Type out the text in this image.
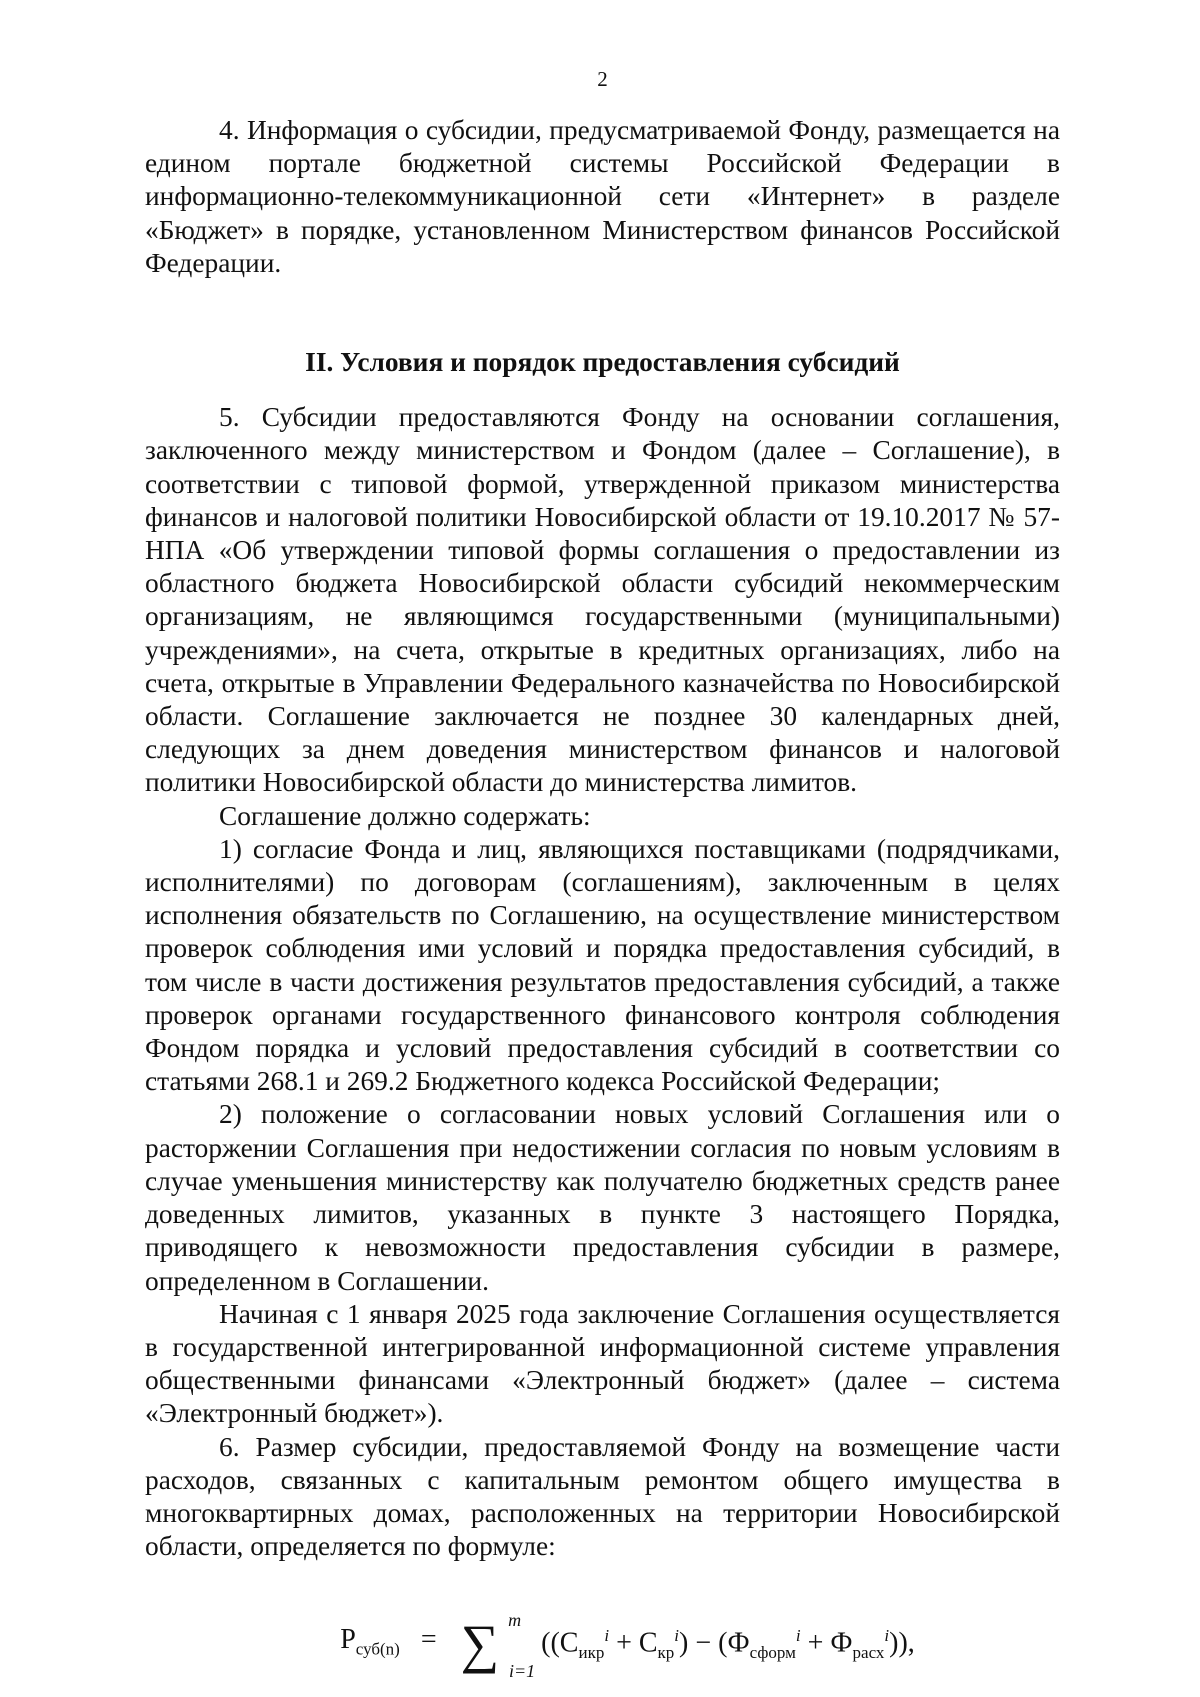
2

4. Информация о субсидии, предусматриваемой Фонду, размещается на едином портале бюджетной системы Российской Федерации в информационно-телекоммуникационной сети «Интернет» в разделе «Бюджет» в порядке, установленном Министерством финансов Российской Федерации.

II. Условия и порядок предоставления субсидий

5. Субсидии предоставляются Фонду на основании соглашения, заключенного между министерством и Фондом (далее – Соглашение), в соответствии с типовой формой, утвержденной приказом министерства финансов и налоговой политики Новосибирской области от 19.10.2017 № 57-НПА «Об утверждении типовой формы соглашения о предоставлении из областного бюджета Новосибирской области субсидий некоммерческим организациям, не являющимся государственными (муниципальными) учреждениями», на счета, открытые в кредитных организациях, либо на счета, открытые в Управлении Федерального казначейства по Новосибирской области. Соглашение заключается не позднее 30 календарных дней, следующих за днем доведения министерством финансов и налоговой политики Новосибирской области до министерства лимитов.

Соглашение должно содержать:

1) согласие Фонда и лиц, являющихся поставщиками (подрядчиками, исполнителями) по договорам (соглашениям), заключенным в целях исполнения обязательств по Соглашению, на осуществление министерством проверок соблюдения ими условий и порядка предоставления субсидий, в том числе в части достижения результатов предоставления субсидий, а также проверок органами государственного финансового контроля соблюдения Фондом порядка и условий предоставления субсидий в соответствии со статьями 268.1 и 269.2 Бюджетного кодекса Российской Федерации;

2) положение о согласовании новых условий Соглашения или о расторжении Соглашения при недостижении согласия по новым условиям в случае уменьшения министерству как получателю бюджетных средств ранее доведенных лимитов, указанных в пункте 3 настоящего Порядка, приводящего к невозможности предоставления субсидии в размере, определенном в Соглашении.

Начиная с 1 января 2025 года заключение Соглашения осуществляется в государственной интегрированной информационной системе управления общественными финансами «Электронный бюджет» (далее – система «Электронный бюджет»).

6. Размер субсидии, предоставляемой Фонду на возмещение части расходов, связанных с капитальным ремонтом общего имущества в многоквартирных домах, расположенных на территории Новосибирской области, определяется по формуле:

$Р_{суб(n)}$ = ∑ m
i=1
$((С_{икр}^i + С_{кр}^i) - (Ф_{сформ}^i + Ф_{расх}^i))$,
